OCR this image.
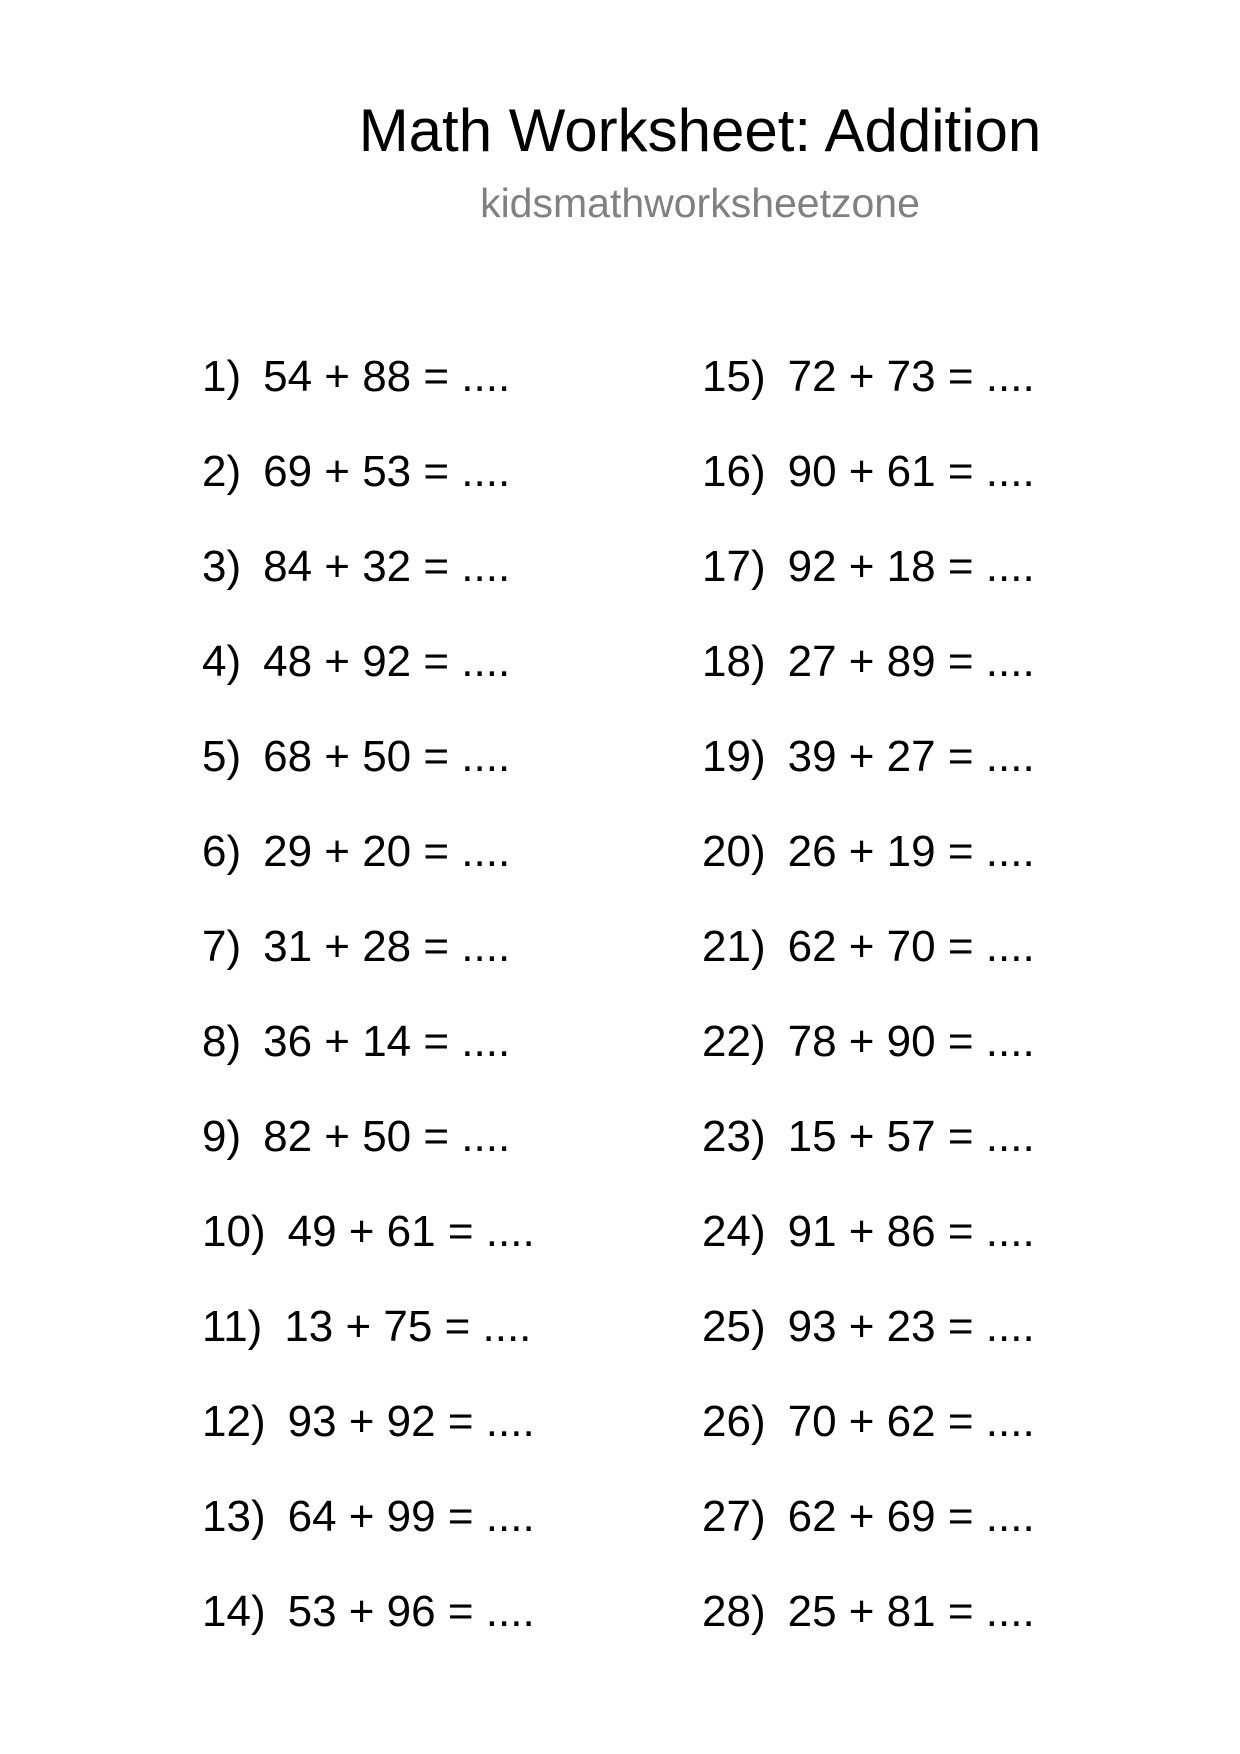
Math Worksheet: Addition
kidsmathworksheetzone
1) 54 + 88 = ....
2) 69 + 53 = ....
3) 84 + 32 = ....
4) 48 + 92 = ....
5) 68 + 50 = ....
6) 29 + 20 = ....
7) 31 + 28 = ....
8) 36 + 14 = ....
9) 82 + 50 = ....
10) 49 + 61 = ....
11) 13 + 75 = ....
12) 93 + 92 = ....
13) 64 + 99 = ....
14) 53 + 96 = ....
15) 72 + 73 = ....
16) 90 + 61 = ....
17) 92 + 18 = ....
18) 27 + 89 = ....
19) 39 + 27 = ....
20) 26 + 19 = ....
21) 62 + 70 = ....
22) 78 + 90 = ....
23) 15 + 57 = ....
24) 91 + 86 = ....
25) 93 + 23 = ....
26) 70 + 62 = ....
27) 62 + 69 = ....
28) 25 + 81 = ....
